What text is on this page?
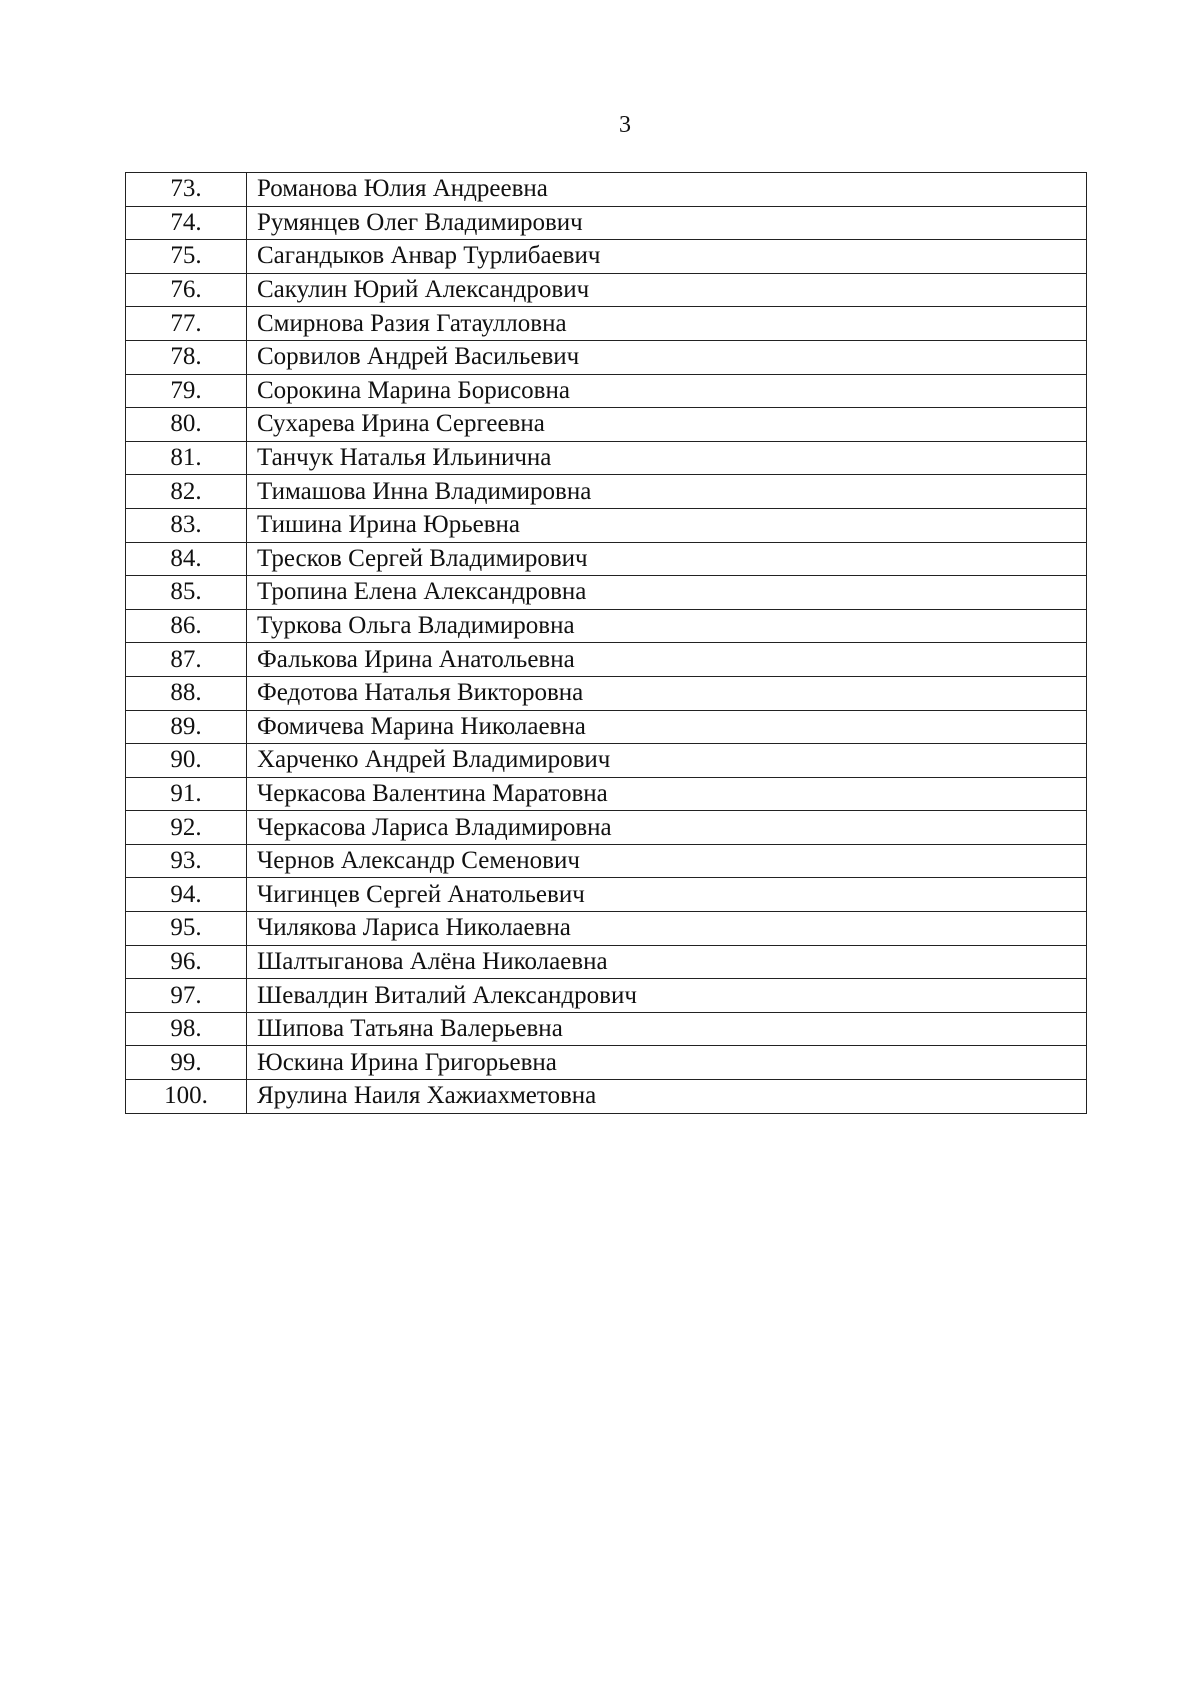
3
73.	Романова Юлия Андреевна
74.	Румянцев Олег Владимирович
75.	Сагандыков Анвар Турлибаевич
76.	Сакулин Юрий Александрович
77.	Смирнова Разия Гатаулловна
78.	Сорвилов Андрей Васильевич
79.	Сорокина Марина Борисовна
80.	Сухарева Ирина Сергеевна
81.	Танчук Наталья Ильинична
82.	Тимашова Инна Владимировна
83.	Тишина Ирина Юрьевна
84.	Тресков Сергей Владимирович
85.	Тропина Елена Александровна
86.	Туркова Ольга Владимировна
87.	Фалькова Ирина Анатольевна
88.	Федотова Наталья Викторовна
89.	Фомичева Марина Николаевна
90.	Харченко Андрей Владимирович
91.	Черкасова Валентина Маратовна
92.	Черкасова Лариса Владимировна
93.	Чернов Александр Семенович
94.	Чигинцев Сергей Анатольевич
95.	Чилякова Лариса Николаевна
96.	Шалтыганова Алёна Николаевна
97.	Шевалдин Виталий Александрович
98.	Шипова Татьяна Валерьевна
99.	Юскина Ирина Григорьевна
100.	Ярулина Наиля Хажиахметовна
